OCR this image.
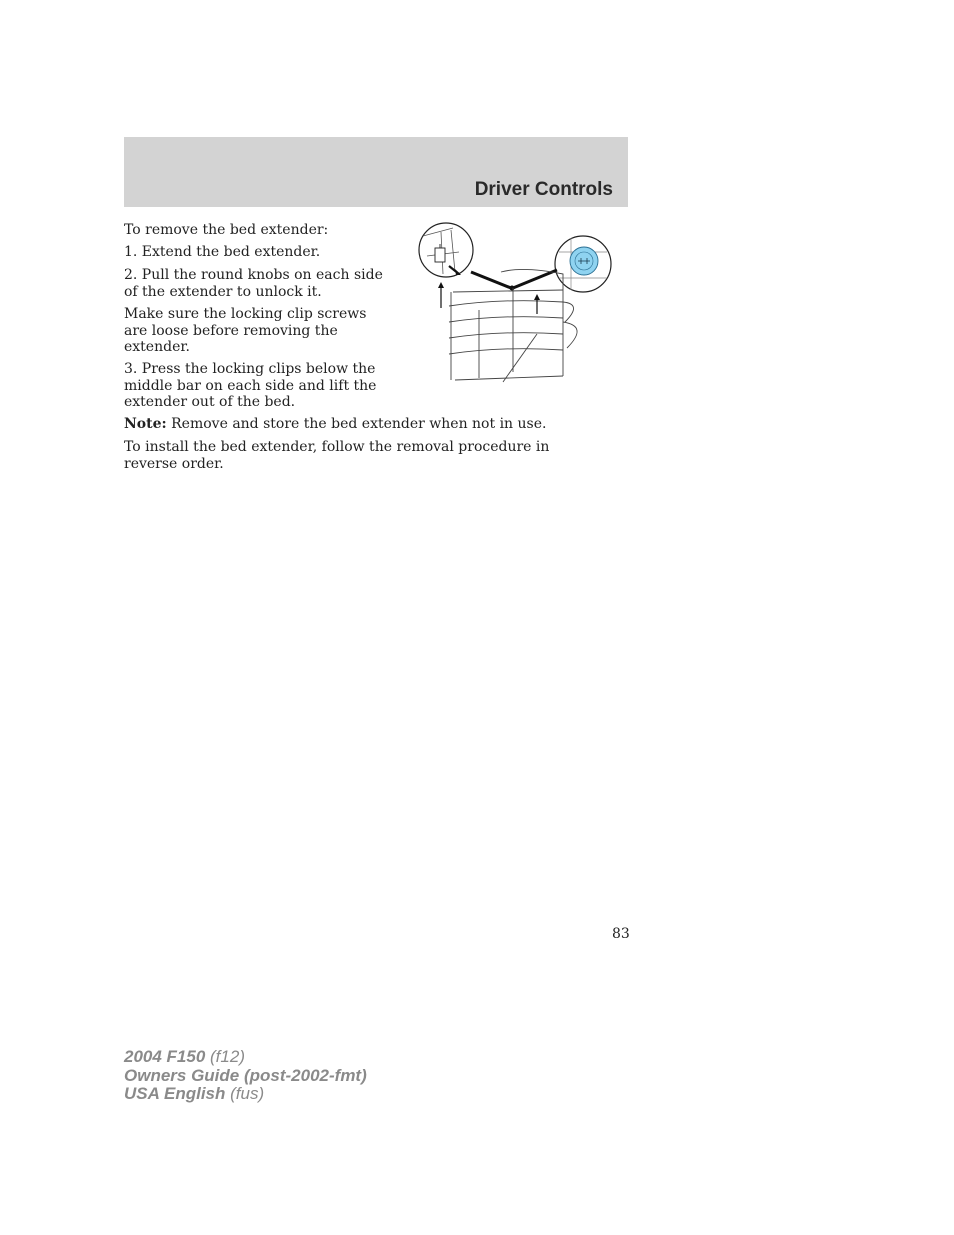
Driver Controls

To remove the bed extender:

1. Extend the bed extender.

2. Pull the round knobs on each side of the extender to unlock it.

Make sure the locking clip screws are loose before removing the extender.

3. Press the locking clips below the middle bar on each side and lift the extender out of the bed.

Note: Remove and store the bed extender when not in use.

To install the bed extender, follow the removal procedure in reverse order.

83
2004 F150 (f12)
Owners Guide (post-2002-fmt)
USA English (fus)
